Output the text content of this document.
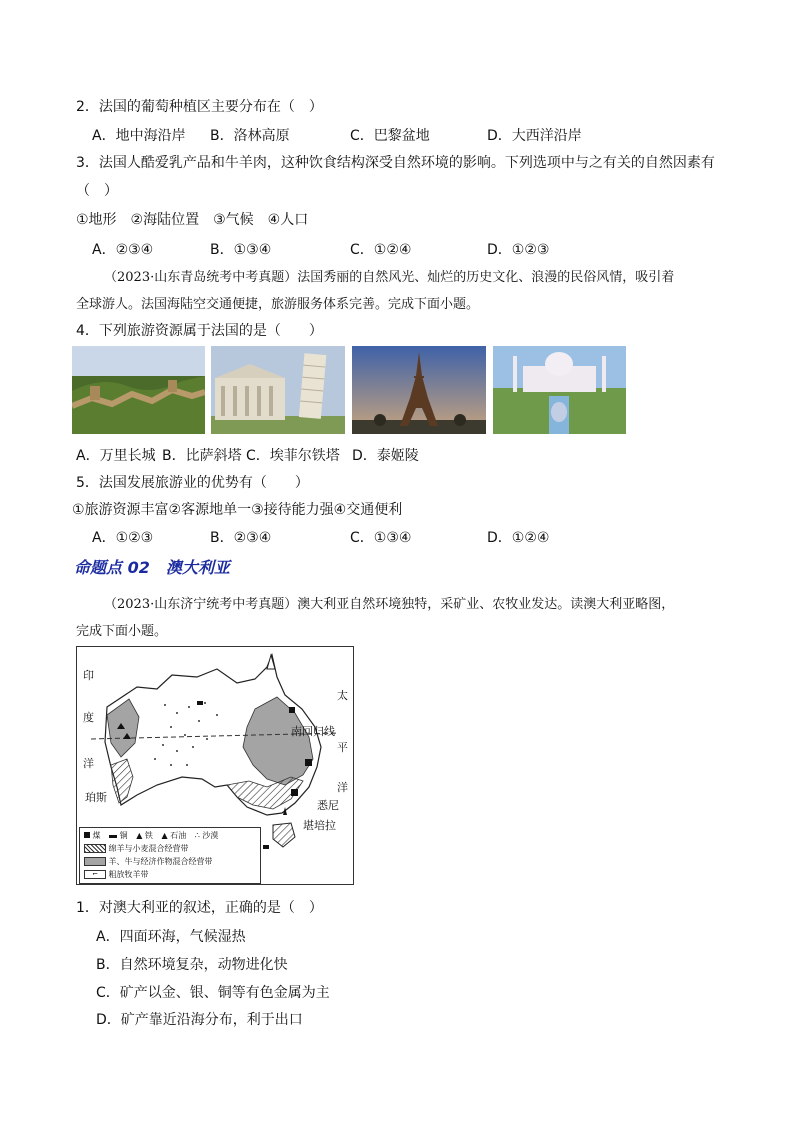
2．法国的葡萄种植区主要分布在（　）
A．地中海沿岸 B．洛林高原	C．巴黎盆地	D．大西洋沿岸
3．法国人酷爱乳产品和牛羊肉，这种饮食结构深受自然环境的影响。下列选项中与之有关的自然因素有
（　）
①地形　②海陆位置　③气候　④人口
A．②③④	B．①③④	C．①②④	D．①②③
（2023·山东青岛统考中考真题）法国秀丽的自然风光、灿烂的历史文化、浪漫的民俗风情，吸引着
全球游人。法国海陆空交通便捷，旅游服务体系完善。完成下面小题。
4．下列旅游资源属于法国的是（　　）
A．万里长城 B．比萨斜塔 C．埃菲尔铁塔 D．泰姬陵
5．法国发展旅游业的优势有（　　）
①旅游资源丰富②客源地单一③接待能力强④交通便利
A．①②③	B．②③④	C．①③④	D．①②④
命题点 02　澳大利亚
（2023·山东济宁统考中考真题）澳大利亚自然环境独特，采矿业、农牧业发达。读澳大利亚略图，
完成下面小题。
印
度
洋
太
平
洋
南回归线
珀斯
悉尼
堪培拉
煤 铜 ▲ 铁 ▲ 石油 ∴ 沙漠
绵羊与小麦混合经营带
羊、牛与经济作物混合经营带
⌐ 粗放牧羊带
1．对澳大利亚的叙述，正确的是（　）
A．四面环海，气候湿热
B．自然环境复杂，动物进化快
C．矿产以金、银、铜等有色金属为主
D．矿产靠近沿海分布，利于出口
